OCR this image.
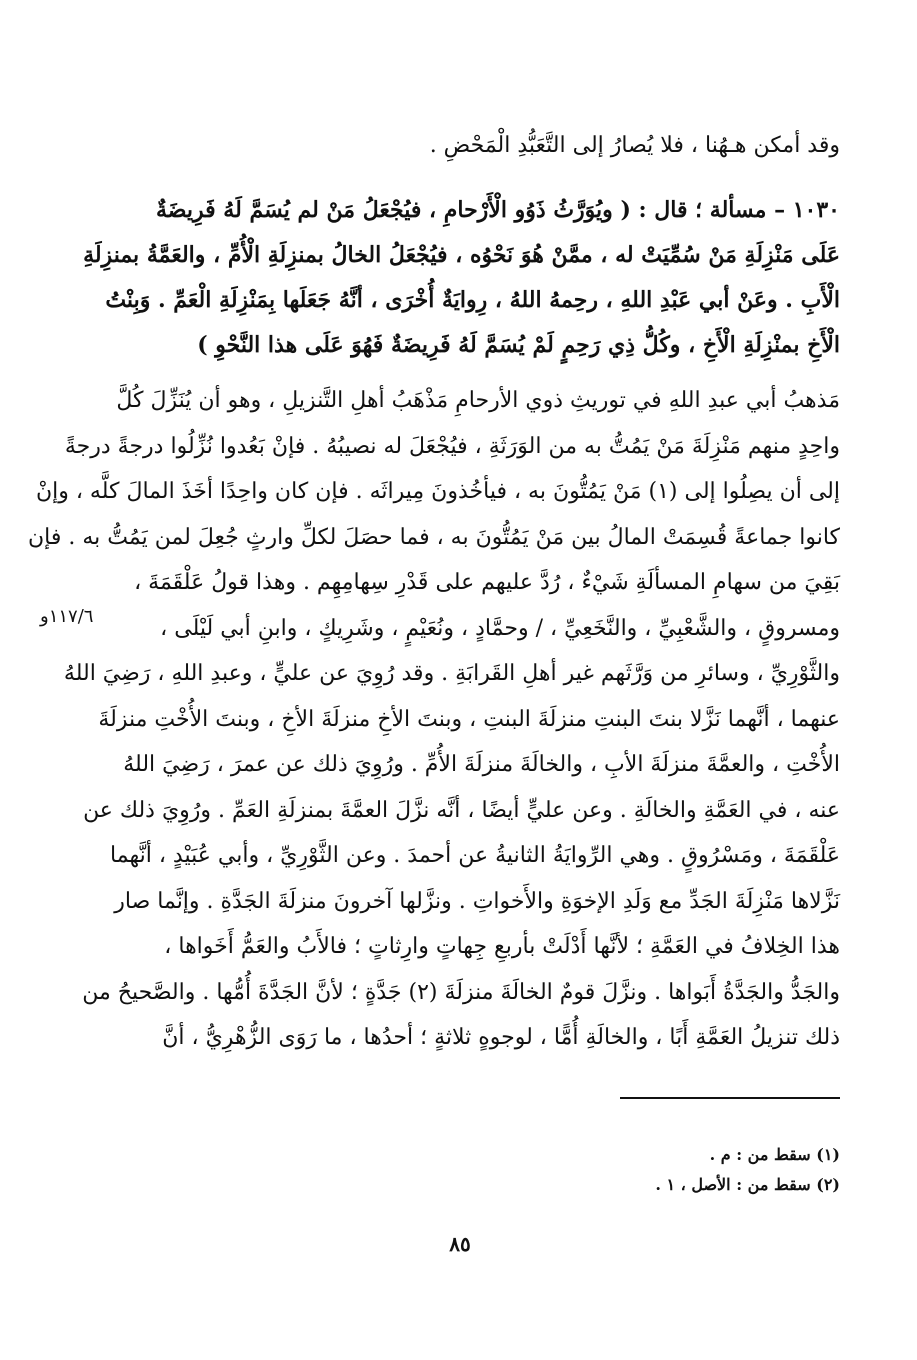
وقد أمكن هـهُنا ، فلا يُصارُ إلى التَّعَبُّدِ الْمَحْضِ .
١٠٣٠ – مسألة ؛ قال : ( ويُوَرَّثُ ذَوُو الْأَرْحامِ ، فيُجْعَلُ مَنْ لم يُسَمَّ لَهُ فَرِيضَةٌ
عَلَى مَنْزِلَةِ مَنْ سُمِّيَتْ له ، ممَّنْ هُوَ نَحْوُه ، فيُجْعَلُ الخالُ بمنزِلَةِ الْأُمِّ ، والعَمَّةُ بمنزِلَةِ
الْأَبِ . وعَنْ أبي عَبْدِ اللهِ ، رحِمهُ اللهُ ، رِوايَةٌ أُخْرَى ، أنَّهُ جَعَلَها بِمَنْزِلَةِ الْعَمِّ . وَبِنْتُ
الْأَخِ بمنْزِلَةِ الْأَخِ ، وكُلُّ ذِي رَحِمٍ لَمْ يُسَمَّ لَهُ فَرِيضَةٌ فَهُوَ عَلَى هذا النَّحْوِ )
مَذهبُ أبي عبدِ اللهِ في توريثِ ذوي الأرحامِ مَذْهَبُ أهلِ التَّنزيلِ ، وهو أن يُنَزِّلَ كُلَّ
واحِدٍ منهم مَنْزِلَةَ مَنْ يَمُتُّ به من الوَرَثَةِ ، فيُجْعَلَ له نصيبُهُ . فإنْ بَعُدوا نُزِّلُوا درجةً درجةً
إلى أن يصِلُوا إلى (١) مَنْ يَمُتُّونَ به ، فيأخُذونَ مِيراثَه . فإن كان واحِدًا أخَذَ المالَ كلَّه ، وإنْ
كانوا جماعةً قُسِمَتْ المالُ بين مَنْ يَمُتُّونَ به ، فما حصَلَ لكلِّ وارثٍ جُعِلَ لمن يَمُتُّ به . فإن
بَقِيَ من سهامِ المسألَةِ شَيْءٌ ، رُدَّ عليهم على قَدْرِ سِهامِهِم . وهذا قولُ عَلْقَمَةَ ،
ومسروقٍ ، والشَّعْبِيِّ ، والنَّخَعِيِّ ، / وحمَّادٍ ، ونُعَيْمٍ ، وشَرِيكٍ ، وابنِ أبي لَيْلَى ،
والثَّوْرِيِّ ، وسائرِ من وَرَّثَهم غير أهلِ القَرابَةِ . وقد رُوِيَ عن عليٍّ ، وعبدِ اللهِ ، رَضِيَ اللهُ
عنهما ، أنَّهما نَزَّلا بنتَ البنتِ منزلَةَ البنتِ ، وبنتَ الأخِ منزلَةَ الأخِ ، وبنتَ الأُخْتِ منزلَةَ
الأُخْتِ ، والعمَّةَ منزلَةَ الأبِ ، والخالَةَ منزلَةَ الأُمِّ . ورُوِيَ ذلك عن عمرَ ، رَضِيَ اللهُ
عنه ، في العَمَّةِ والخالَةِ . وعن عليٍّ أيضًا ، أنَّه نزَّلَ العمَّةَ بمنزلَةِ العَمِّ . ورُوِيَ ذلك عن
عَلْقَمَةَ ، ومَسْرُوقٍ . وهي الرِّوايَةُ الثانيةُ عن أحمدَ . وعن الثَّوْرِيِّ ، وأبي عُبَيْدٍ ، أنَّهما
نَزَّلاها مَنْزِلَةَ الجَدِّ مع وَلَدِ الإخوَةِ والأَخواتِ . ونزَّلها آخرونَ منزلَةَ الجَدَّةِ . وإنَّما صار
هذا الخِلافُ في العَمَّةِ ؛ لأنَّها أَدْلَتْ بأربعِ جِهاتٍ وارِثاتٍ ؛ فالأَبُ والعَمُّ أَخَواها ،
والجَدُّ والجَدَّةُ أَبَواها . ونزَّلَ قومٌ الخالَةَ منزلَةَ (٢) جَدَّةٍ ؛ لأنَّ الجَدَّةَ أُمُّها . والصَّحيحُ من
ذلك تنزيلُ العَمَّةِ أَبًا ، والخالَةِ أُمًّا ، لوجوهٍ ثلاثةٍ ؛ أحدُها ، ما رَوَى الزُّهْرِيُّ ، أنَّ
١١٧/٦و
(١) سقط من : م .
(٢) سقط من : الأصل ، ١ .
٨٥
